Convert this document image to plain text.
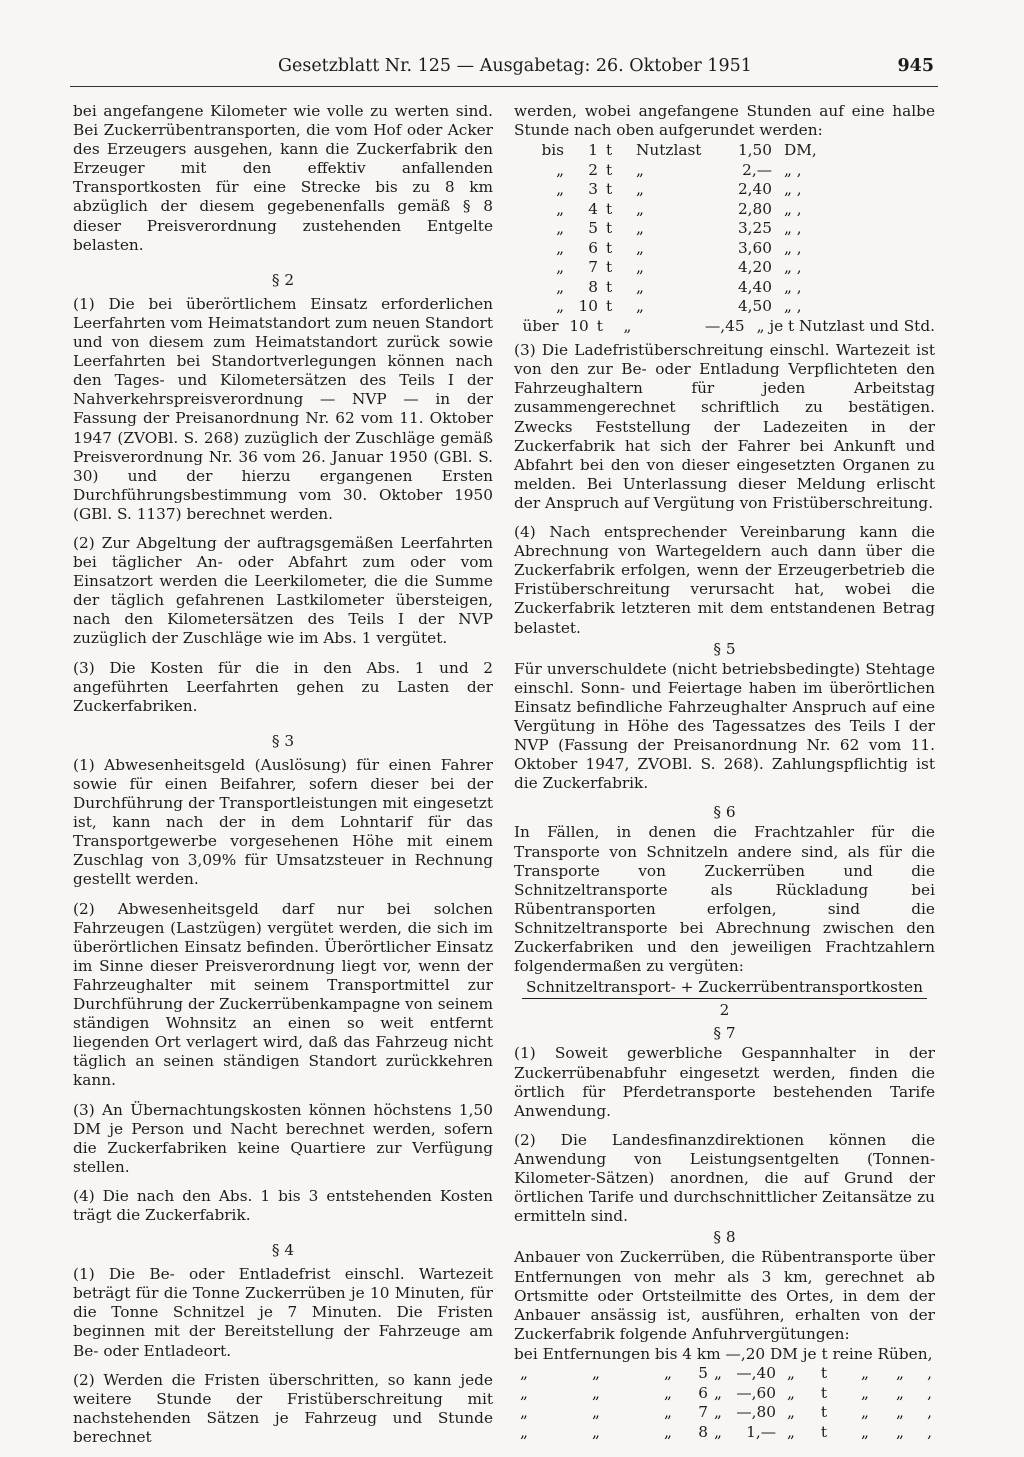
Gesetzblatt Nr. 125 — Ausgabetag: 26. Oktober 1951	945

bei angefangene Kilometer wie volle zu werten sind. Bei Zuckerrübentransporten, die vom Hof oder Acker des Erzeugers ausgehen, kann die Zuckerfabrik den Erzeuger mit den effektiv anfallenden Transportkosten für eine Strecke bis zu 8 km abzüglich der diesem gegebenenfalls gemäß § 8 dieser Preisverordnung zustehenden Entgelte belasten.

§ 2

(1) Die bei überörtlichem Einsatz erforderlichen Leerfahrten vom Heimatstandort zum neuen Standort und von diesem zum Heimatstandort zurück sowie Leerfahrten bei Standortverlegungen können nach den Tages- und Kilometersätzen des Teils I der Nahverkehrspreisverordnung — NVP — in der Fassung der Preisanordnung Nr. 62 vom 11. Oktober 1947 (ZVOBl. S. 268) zuzüglich der Zuschläge gemäß Preisverordnung Nr. 36 vom 26. Januar 1950 (GBl. S. 30) und der hierzu ergangenen Ersten Durchführungsbestimmung vom 30. Oktober 1950 (GBl. S. 1137) berechnet werden.

(2) Zur Abgeltung der auftragsgemäßen Leerfahrten bei täglicher An- oder Abfahrt zum oder vom Einsatzort werden die Leerkilometer, die die Summe der täglich gefahrenen Lastkilometer übersteigen, nach den Kilometersätzen des Teils I der NVP zuzüglich der Zuschläge wie im Abs. 1 vergütet.

(3) Die Kosten für die in den Abs. 1 und 2 angeführten Leerfahrten gehen zu Lasten der Zuckerfabriken.

§ 3

(1) Abwesenheitsgeld (Auslösung) für einen Fahrer sowie für einen Beifahrer, sofern dieser bei der Durchführung der Transportleistungen mit eingesetzt ist, kann nach der in dem Lohntarif für das Transportgewerbe vorgesehenen Höhe mit einem Zuschlag von 3,09% für Umsatzsteuer in Rechnung gestellt werden.

(2) Abwesenheitsgeld darf nur bei solchen Fahrzeugen (Lastzügen) vergütet werden, die sich im überörtlichen Einsatz befinden. Überörtlicher Einsatz im Sinne dieser Preisverordnung liegt vor, wenn der Fahrzeughalter mit seinem Transportmittel zur Durchführung der Zuckerrübenkampagne von seinem ständigen Wohnsitz an einen so weit entfernt liegenden Ort verlagert wird, daß das Fahrzeug nicht täglich an seinen ständigen Standort zurückkehren kann.

(3) An Übernachtungskosten können höchstens 1,50 DM je Person und Nacht berechnet werden, sofern die Zuckerfabriken keine Quartiere zur Verfügung stellen.

(4) Die nach den Abs. 1 bis 3 entstehenden Kosten trägt die Zuckerfabrik.

§ 4

(1) Die Be- oder Entladefrist einschl. Wartezeit beträgt für die Tonne Zuckerrüben je 10 Minuten, für die Tonne Schnitzel je 7 Minuten. Die Fristen beginnen mit der Bereitstellung der Fahrzeuge am Be- oder Entladeort.

(2) Werden die Fristen überschritten, so kann jede weitere Stunde der Fristüberschreitung mit nachstehenden Sätzen je Fahrzeug und Stunde berechnet

werden, wobei angefangene Stunden auf eine halbe Stunde nach oben aufgerundet werden:

bis	1 t	Nutzlast	1,50 DM,
„	2 t	„	2,— „ ,
„	3 t	„	2,40 „ ,
„	4 t	„	2,80 „ ,
„	5 t	„	3,25 „ ,
„	6 t	„	3,60 „ ,
„	7 t	„	4,20 „ ,
„	8 t	„	4,40 „ ,
„ 10 t	„	4,50 „ ,
über 10 t	„	—,45 „ je t Nutzlast und Std.

(3) Die Ladefristüberschreitung einschl. Wartezeit ist von den zur Be- oder Entladung Verpflichteten den Fahrzeughaltern für jeden Arbeitstag zusammengerechnet schriftlich zu bestätigen. Zwecks Feststellung der Ladezeiten in der Zuckerfabrik hat sich der Fahrer bei Ankunft und Abfahrt bei den von dieser eingesetzten Organen zu melden. Bei Unterlassung dieser Meldung erlischt der Anspruch auf Vergütung von Fristüberschreitung.

(4) Nach entsprechender Vereinbarung kann die Abrechnung von Wartegeldern auch dann über die Zuckerfabrik erfolgen, wenn der Erzeugerbetrieb die Fristüberschreitung verursacht hat, wobei die Zuckerfabrik letzteren mit dem entstandenen Betrag belastet.

§ 5

Für unverschuldete (nicht betriebsbedingte) Stehtage einschl. Sonn- und Feiertage haben im überörtlichen Einsatz befindliche Fahrzeughalter Anspruch auf eine Vergütung in Höhe des Tagessatzes des Teils I der NVP (Fassung der Preisanordnung Nr. 62 vom 11. Oktober 1947, ZVOBl. S. 268). Zahlungspflichtig ist die Zuckerfabrik.

§ 6

In Fällen, in denen die Frachtzahler für die Transporte von Schnitzeln andere sind, als für die Transporte von Zuckerrüben und die Schnitzeltransporte als Rückladung bei Rübentransporten erfolgen, sind die Schnitzeltransporte bei Abrechnung zwischen den Zuckerfabriken und den jeweiligen Frachtzahlern folgendermaßen zu vergüten:

Schnitzeltransport- + Zuckerrübentransportkosten
2
§ 7

(1) Soweit gewerbliche Gespannhalter in der Zuckerrübenabfuhr eingesetzt werden, finden die örtlich für Pferdetransporte bestehenden Tarife Anwendung.

(2) Die Landesfinanzdirektionen können die Anwendung von Leistungsentgelten (Tonnen-Kilometer-Sätzen) anordnen, die auf Grund der örtlichen Tarife und durchschnittlicher Zeitansätze zu ermitteln sind.

§ 8

Anbauer von Zuckerrüben, die Rübentransporte über Entfernungen von mehr als 3 km, gerechnet ab Ortsmitte oder Ortsteilmitte des Ortes, in dem der Anbauer ansässig ist, ausführen, erhalten von der Zuckerfabrik folgende Anfuhrvergütungen:

bei Entfernungen bis 4 km —,20 DM je t reine Rüben,
„	„	„	5 „ —,40 „	t	„	„	,
„	„	„	6 „ —,60 „	t	„	„	,
„	„	„	7 „ —,80 „	t	„	„	,
„	„	„	8 „	1,— „	t	„	„	,
